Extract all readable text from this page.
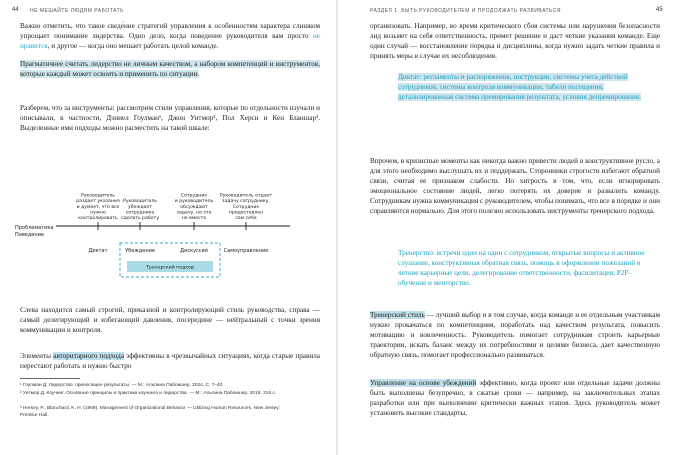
44 НЕ МЕШАЙТЕ ЛЮДЯМ РАБОТАТЬ

Важно отметить, что такое сведе́ние стратегий управления к особенностям характера слишком упрощает понимание лидерства. Одно дело, когда поведение руководителя вам просто не нравится, и другое — когда оно мешает работать целой команде.

Прагматичнее считать лидерство не личным качеством, а набором компетенций и инструментов, которые каждый может освоить и применить по ситуации.

Разберем, что за инструменты: рассмотрим стили управления, которые по отдельности изучали и описывали, в частности, Дэниел Гоулман¹, Джон Уитмор², Пол Херси и Кен Бланшар³. Выделенные ими подходы можно расместить на такой шкале:

Проблематика
Поведение
Руководитель раздает указания и думает, что все нужно контролировать
Руководитель убеждает сотрудника сделать работу
Сотрудник и руководитель обсуждают задачу, но это не вместо
Руководитель отдает задачу сотруднику. Сотрудник предоставлен сам себе
Диктат	Убеждение	Дискуссия	Самоуправление
Тренерский подход

Слева находится самый строгий, приказной и контролирующий стиль руководства, справа — самый делегирующий и избегающий давления, посередине — нейтральный с точки зрения коммуникации и контроля.

Элементы авторитарного подхода эффективны в чрезвычайных ситуациях, когда старые правила перестают работать и нужно быстро

¹ Гоулман Д. Лидерство, приносящее результаты. — М.: Альпина Паблишер, 2024. С. 7–40.

² Уитмор Д. Коучинг. Основные принципы и практики коучинга и лидерства. — М.: Альпина Паблишер, 2018. 316 с.

³ Hersey, P., Blanchard, K. H. (1969). Management of Organizational Behavior — Utilizing Human Resources. New Jersey: Prentice Hall.

РАЗДЕЛ 1. БЫТЬ РУКОВОДИТЕЛЕМ И ПРОДОЛЖАТЬ РАЗВИВАТЬСЯ	45

организовать. Например, во время критического сбоя системы или нарушения безопасности лид возьмет на себя ответственность, примет решение и даст четкие указания команде. Еще один случай — восстановление порядка и дисциплины, когда нужно задать четкие правила и принять меры в случае их несоблюдения.

Диктат: регламенты и распоряжения, инструкции, системы учета действий сотрудников, системы контроля коммуникации, табели посещения, детализированная система премирования результата, условия депремирования.

Впрочем, в кризисные моменты как никогда важно привести людей в конструктивное русло, а для этого необходимо выслушать их и поддержать. Сторонники строгости избегают обратной связи, считая ее признаком слабости. Но хитрость в том, что, если игнорировать эмоциональное состояние людей, легко потерять их доверие и развалить команду. Сотрудникам нужна коммуникация с руководителем, чтобы понимать, что все в порядке и они справляются нормально. Для этого полезно использовать инструменты тренерского подхода.

Тренерство: встречи один на один с сотрудником, открытые вопросы и активное слушание, конструктивная обратная связь, помощь в оформлении пожеланий в четкие карьерные цели, делегирование ответственности, фасилитация, P2P-обучение и менторство.

Тренерский стиль — лучший выбор и в том случае, когда команде и ее отдельным участникам нужно прокачаться по компетенциям, поработать над качеством результата, повысить мотивацию и вовлеченность. Руководитель помогает сотрудникам строить карьерные траектории, искать баланс между их потребностями и целями бизнеса, дает качественную обратную связь, помогает профессионально развиваться.

Управление на основе убеждений эффективно, когда проект или отдельные задачи должны быть выполнены безупречно, в сжатые сроки — например, на заключительных этапах разработки или при выполнении критически важных этапов. Здесь руководитель может установить высокие стандарты,
